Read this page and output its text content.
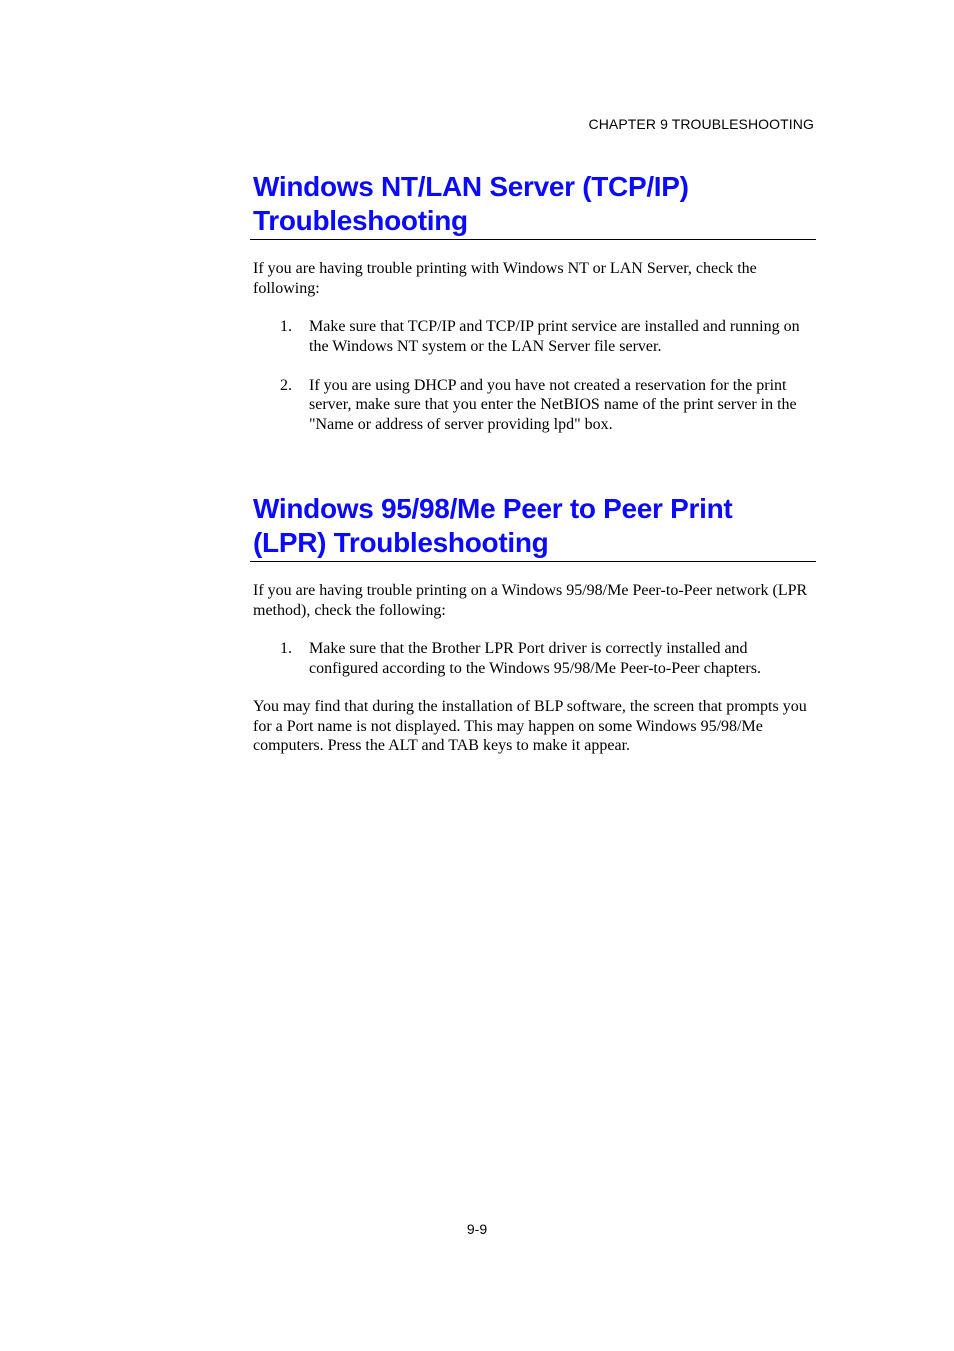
CHAPTER 9 TROUBLESHOOTING
Windows NT/LAN Server (TCP/IP)
Troubleshooting

If you are having trouble printing with Windows NT or LAN Server, check the following:

1. Make sure that TCP/IP and TCP/IP print service are installed and running on the Windows NT system or the LAN Server file server.
2. If you are using DHCP and you have not created a reservation for the print server, make sure that you enter the NetBIOS name of the print server in the "Name or address of server providing lpd" box.
Windows 95/98/Me Peer to Peer Print
(LPR) Troubleshooting

If you are having trouble printing on a Windows 95/98/Me Peer-to-Peer network (LPR method), check the following:

1. Make sure that the Brother LPR Port driver is correctly installed and configured according to the Windows 95/98/Me Peer-to-Peer chapters.

You may find that during the installation of BLP software, the screen that prompts you for a Port name is not displayed. This may happen on some Windows 95/98/Me computers. Press the ALT and TAB keys to make it appear.

9-9
